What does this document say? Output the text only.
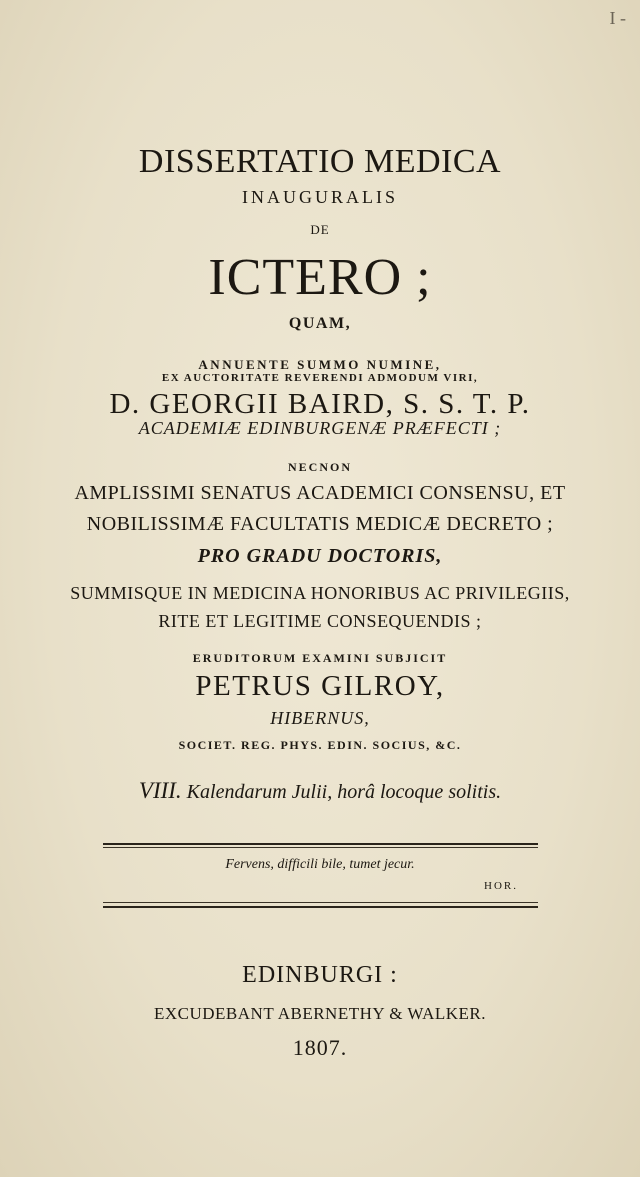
I -
DISSERTATIO MEDICA
INAUGURALIS
DE
ICTERO ;
QUAM,
ANNUENTE SUMMO NUMINE,
EX AUCTORITATE REVERENDI ADMODUM VIRI,
D. GEORGII BAIRD, S. S. T. P.
ACADEMIÆ EDINBURGENÆ PRÆFECTI ;
NECNON
AMPLISSIMI SENATUS ACADEMICI CONSENSU, ET
NOBILISSIMÆ FACULTATIS MEDICÆ DECRETO ;
PRO GRADU DOCTORIS,
SUMMISQUE IN MEDICINA HONORIBUS AC PRIVILEGIIS,
RITE ET LEGITIME CONSEQUENDIS ;
ERUDITORUM EXAMINI SUBJICIT
PETRUS GILROY,
HIBERNUS,
SOCIET. REG. PHYS. EDIN. SOCIUS, &C.
VIII. Kalendarum Julii, horâ locoque solitis.
Fervens, difficili bile, tumet jecur.
HOR.
EDINBURGI :
EXCUDEBANT ABERNETHY & WALKER.
1807.
